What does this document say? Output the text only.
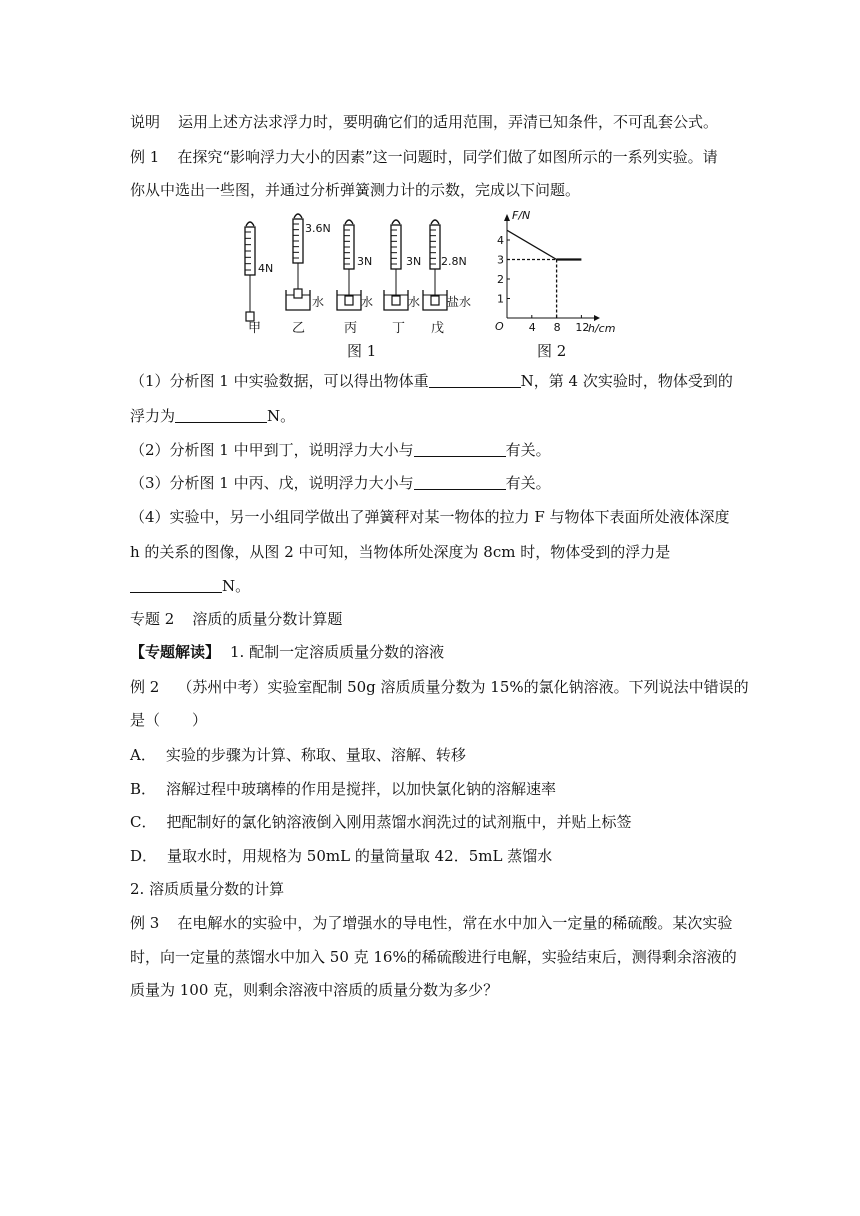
说明 运用上述方法求浮力时，要明确它们的适用范围，弄清已知条件，不可乱套公式。
例 1 在探究“影响浮力大小的因素”这一问题时，同学们做了如图所示的一系列实验。请
你从中选出一些图，并通过分析弹簧测力计的示数，完成以下问题。
甲 乙	丙	丁 戊
4N
3.6N
3N	3N 2.8N
水	水	水 盐水
图 1
1
2
3
4
4 8 12
F/N
h/cm
O
图 2
（1）分析图 1 中实验数据，可以得出物体重	N，第 4 次实验时，物体受到的
浮力为	N。
（2）分析图 1 中甲到丁，说明浮力大小与	有关。
（3）分析图 1 中丙、戊，说明浮力大小与	有关。
（4）实验中，另一小组同学做出了弹簧秤对某一物体的拉力 F 与物体下表面所处液体深度
h 的关系的图像，从图 2 中可知，当物体所处深度为 8cm 时，物体受到的浮力是
N。
专题 2 溶质的质量分数计算题
【专题解读】 1. 配制一定溶质质量分数的溶液
例 2 （苏州中考）实验室配制 50g 溶质质量分数为 15%的氯化钠溶液。下列说法中错误的
是（ ）
A． 实验的步骤为计算、称取、量取、溶解、转移
B． 溶解过程中玻璃棒的作用是搅拌，以加快氯化钠的溶解速率
C． 把配制好的氯化钠溶液倒入刚用蒸馏水润洗过的试剂瓶中，并贴上标签
D． 量取水时，用规格为 50mL 的量筒量取 42．5mL 蒸馏水
2. 溶质质量分数的计算
例 3 在电解水的实验中，为了增强水的导电性，常在水中加入一定量的稀硫酸。某次实验
时，向一定量的蒸馏水中加入 50 克 16%的稀硫酸进行电解，实验结束后，测得剩余溶液的
质量为 100 克，则剩余溶液中溶质的质量分数为多少？
